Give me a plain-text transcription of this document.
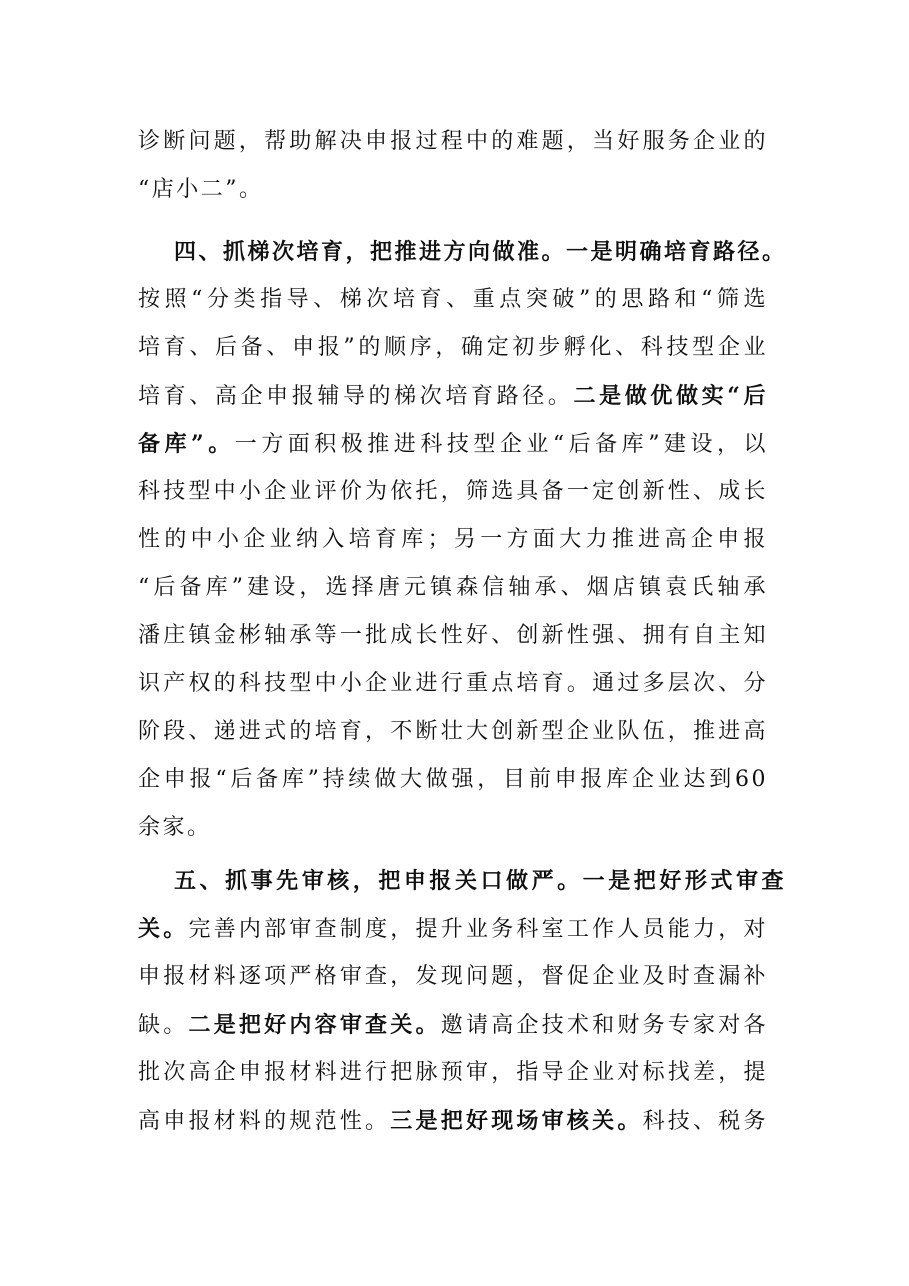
诊断问题，帮助解决申报过程中的难题，当好服务企业的
“店小二”。
四、抓梯次培育，把推进方向做准。一是明确培育路径。
按照“分类指导、梯次培育、重点突破”的思路和“筛选
培育、后备、申报”的顺序，确定初步孵化、科技型企业
培育、高企申报辅导的梯次培育路径。二是做优做实“后
备库”。一方面积极推进科技型企业“后备库”建设，以
科技型中小企业评价为依托，筛选具备一定创新性、成长
性的中小企业纳入培育库；另一方面大力推进高企申报
“后备库”建设，选择唐元镇森信轴承、烟店镇袁氏轴承
潘庄镇金彬轴承等一批成长性好、创新性强、拥有自主知
识产权的科技型中小企业进行重点培育。通过多层次、分
阶段、递进式的培育，不断壮大创新型企业队伍，推进高
企申报“后备库”持续做大做强，目前申报库企业达到60
余家。
五、抓事先审核，把申报关口做严。一是把好形式审查
关。完善内部审查制度，提升业务科室工作人员能力，对
申报材料逐项严格审查，发现问题，督促企业及时查漏补
缺。二是把好内容审查关。邀请高企技术和财务专家对各
批次高企申报材料进行把脉预审，指导企业对标找差，提
高申报材料的规范性。三是把好现场审核关。科技、税务
